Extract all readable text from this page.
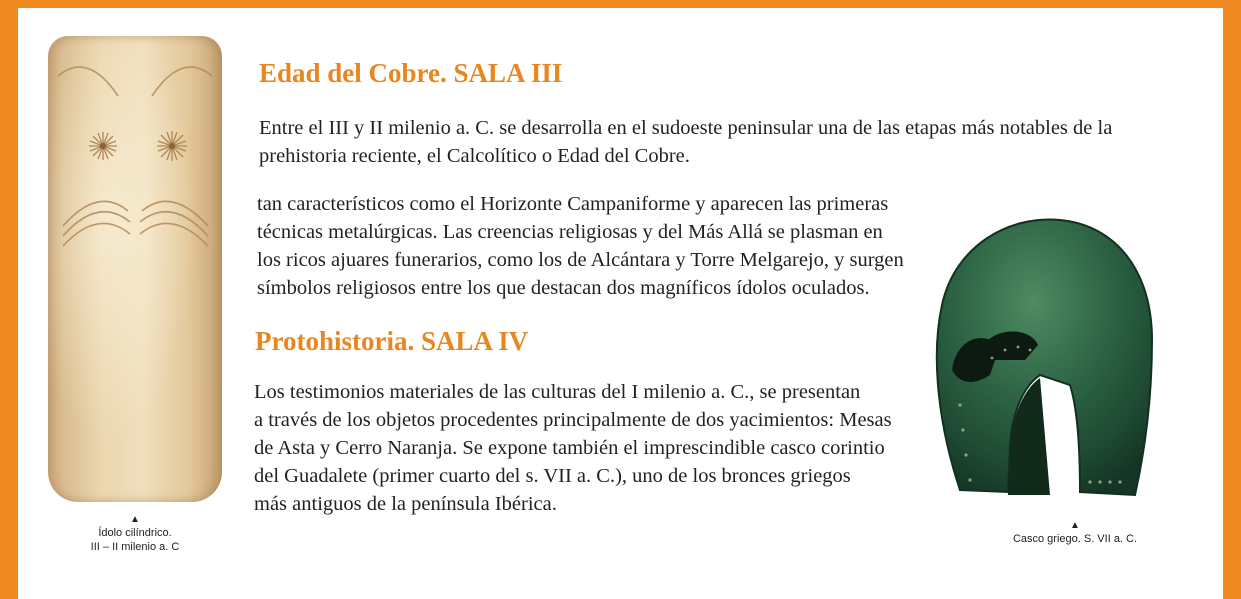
▲
Ídolo cilíndrico.
III – II milenio a. C

Edad del Cobre. SALA III

Entre el III y II milenio a. C. se desarrolla en el sudoeste peninsular una de las etapas más notables de la
prehistoria reciente, el Calcolítico o Edad del Cobre.

tan característicos como el Horizonte Campaniforme y aparecen las primeras
técnicas metalúrgicas. Las creencias religiosas y del Más Allá se plasman en
los ricos ajuares funerarios, como los de Alcántara y Torre Melgarejo, y surgen
símbolos religiosos entre los que destacan dos magníficos ídolos oculados.

Protohistoria. SALA IV

Los testimonios materiales de las culturas del I milenio a. C., se presentan
a través de los objetos procedentes principalmente de dos yacimientos: Mesas
de Asta y Cerro Naranja. Se expone también el imprescindible casco corintio
del Guadalete (primer cuarto del s. VII a. C.), uno de los bronces griegos
más antiguos de la península Ibérica.

▲
Casco griego. S. VII a. C.
